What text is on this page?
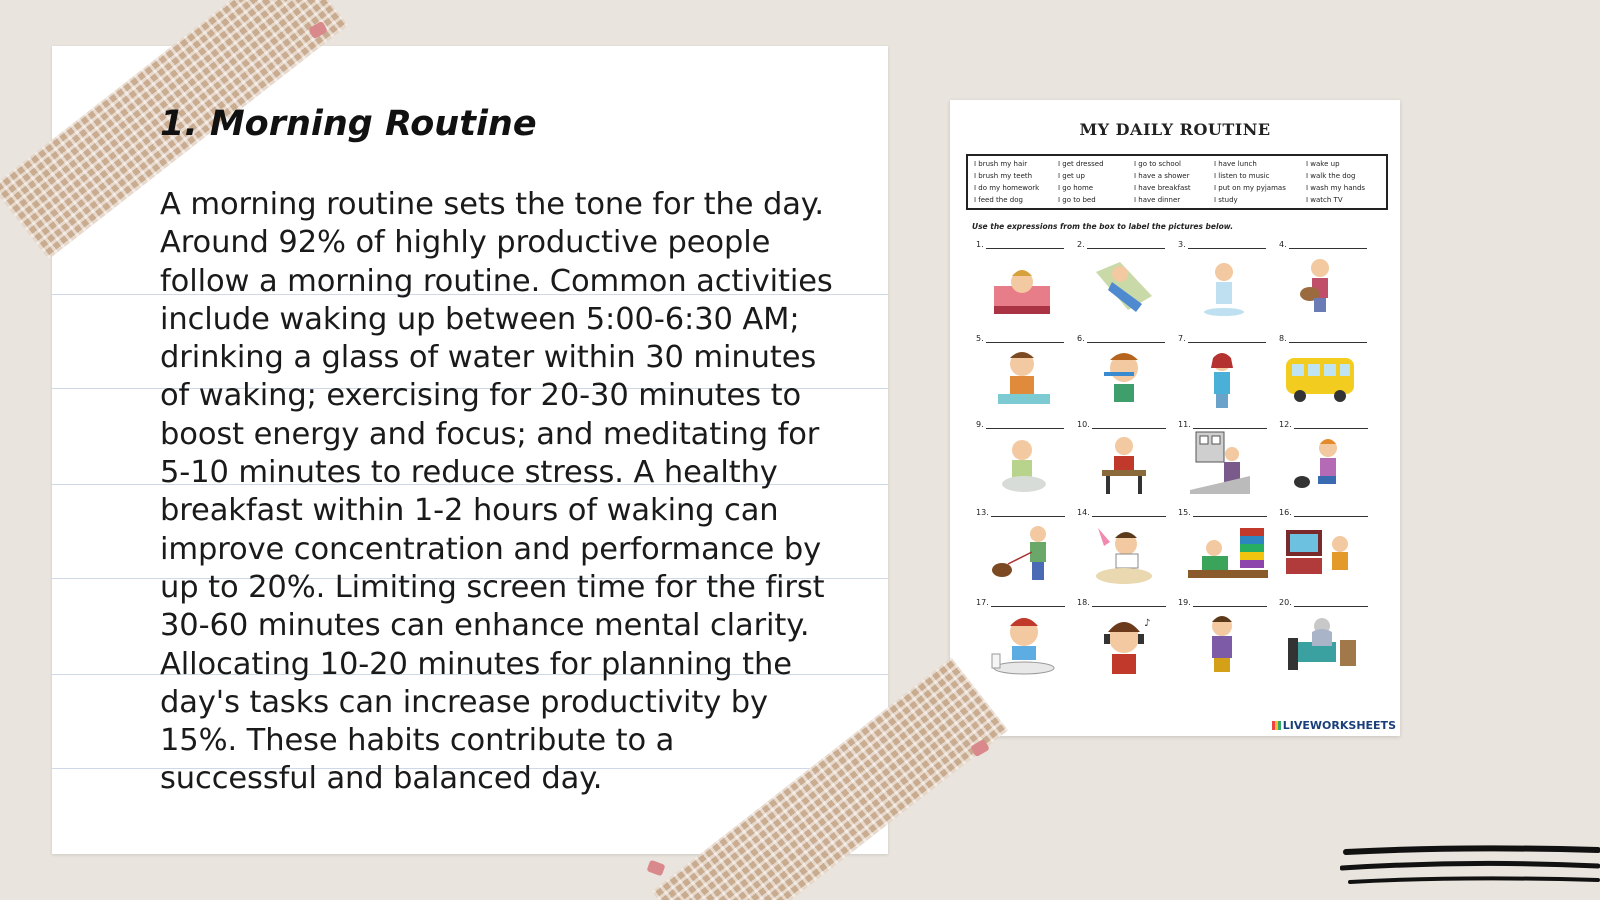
1. Morning Routine
A morning routine sets the tone for the day. Around 92% of highly productive people follow a morning routine. Common activities include waking up between 5:00-6:30 AM; drinking a glass of water within 30 minutes of waking; exercising for 20-30 minutes to boost energy and focus; and meditating for 5-10 minutes to reduce stress. A healthy breakfast within 1-2 hours of waking can improve concentration and performance by up to 20%. Limiting screen time for the first 30-60 minutes can enhance mental clarity. Allocating 10-20 minutes for planning the day's tasks can increase productivity by 15%. These habits contribute to a successful and balanced day.
MY DAILY ROUTINE
I brush my hair	I get dressed	I go to school	I have lunch	I wake up
I brush my teeth	I get up	I have a shower	I listen to music	I walk the dog
I do my homework	I go home	I have breakfast	I put on my pyjamas	I wash my hands
I feed the dog	I go to bed	I have dinner	I study	I watch TV
Use the expressions from the box to label the pictures below.
1.	2.	3.	4.
5.	6.	7.	8.
9.	10.	11.	12.
13.	14.	15.	16.
17.	18.	19.	20.
♪
LIVEWORKSHEETS
